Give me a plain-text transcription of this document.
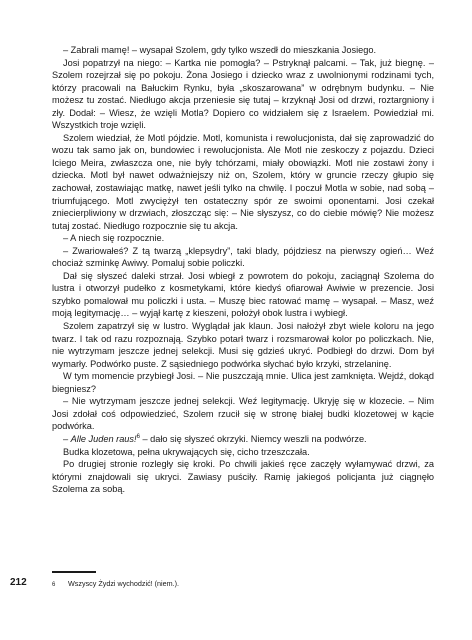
– Zabrali mamę! – wysapał Szolem, gdy tylko wszedł do mieszkania Josiego.

Josi popatrzył na niego: – Kartka nie pomogła? – Pstryknął palcami. – Tak, już biegnę. – Szolem rozejrzał się po pokoju. Żona Josiego i dziecko wraz z uwolnionymi rodzinami tych, którzy pracowali na Bałuckim Rynku, była „skoszarowana” w odrębnym budynku. – Nie możesz tu zostać. Niedługo akcja przeniesie się tutaj – krzyknął Josi od drzwi, roztargniony i zły. Dodał: – Wiesz, że wzięli Motla? Dopiero co widziałem się z Israelem. Powiedział mi. Wszystkich troje wzięli.

Szolem wiedział, że Motl pójdzie. Motl, komunista i rewolucjonista, dał się zaprowadzić do wozu tak samo jak on, bundowiec i rewolucjonista. Ale Motl nie zeskoczy z pojazdu. Dzieci Iciego Meira, zwłaszcza one, nie były tchórzami, miały obowiązki. Motl nie zostawi żony i dziecka. Motl był nawet odważniejszy niż on, Szolem, który w gruncie rzeczy głupio się zachował, zostawiając matkę, nawet jeśli tylko na chwilę. I poczuł Motla w sobie, nad sobą – triumfującego. Motl zwyciężył ten ostateczny spór ze swoimi oponentami. Josi czekał zniecierpliwiony w drzwiach, złoszcząc się: – Nie słyszysz, co do ciebie mówię? Nie możesz tutaj zostać. Niedługo rozpocznie się tu akcja.

– A niech się rozpocznie.

– Zwariowałeś? Z tą twarzą „klepsydry”, taki blady, pójdziesz na pierwszy ogień… Weź chociaż szminkę Awiwy. Pomaluj sobie policzki.

Dał się słyszeć daleki strzał. Josi wbiegł z powrotem do pokoju, zaciągnął Szolema do lustra i otworzył pudełko z kosmetykami, które kiedyś ofiarował Awiwie w prezencie. Josi szybko pomalował mu policzki i usta. – Muszę biec ratować mamę – wysapał. – Masz, weź moją legitymację… – wyjął kartę z kieszeni, położył obok lustra i wybiegł.

Szolem zapatrzył się w lustro. Wyglądał jak klaun. Josi nałożył zbyt wiele koloru na jego twarz. I tak od razu rozpoznają. Szybko potarł twarz i rozsmarował kolor po policzkach. Nie, nie wytrzymam jeszcze jednej selekcji. Musi się gdzieś ukryć. Podbiegł do drzwi. Dom był wymarły. Podwórko puste. Z sąsiedniego podwórka słychać było krzyki, strzelaninę.

W tym momencie przybiegł Josi. – Nie puszczają mnie. Ulica jest zamknięta. Wejdź, dokąd biegniesz?

– Nie wytrzymam jeszcze jednej selekcji. Weź legitymację. Ukryję się w klozecie. – Nim Josi zdołał coś odpowiedzieć, Szolem rzucił się w stronę białej budki klozetowej w kącie podwórka.

– Alle Juden raus!$^6$ – dało się słyszeć okrzyki. Niemcy weszli na podwórze.

Budka klozetowa, pełna ukrywających się, cicho trzeszczała.

Po drugiej stronie rozległy się kroki. Po chwili jakieś ręce zaczęły wyłamywać drzwi, za którymi znajdowali się ukryci. Zawiasy puściły. Ramię jakiegoś policjanta już ciągnęło Szolema za sobą.

212	6 Wszyscy Żydzi wychodzić! (niem.).
